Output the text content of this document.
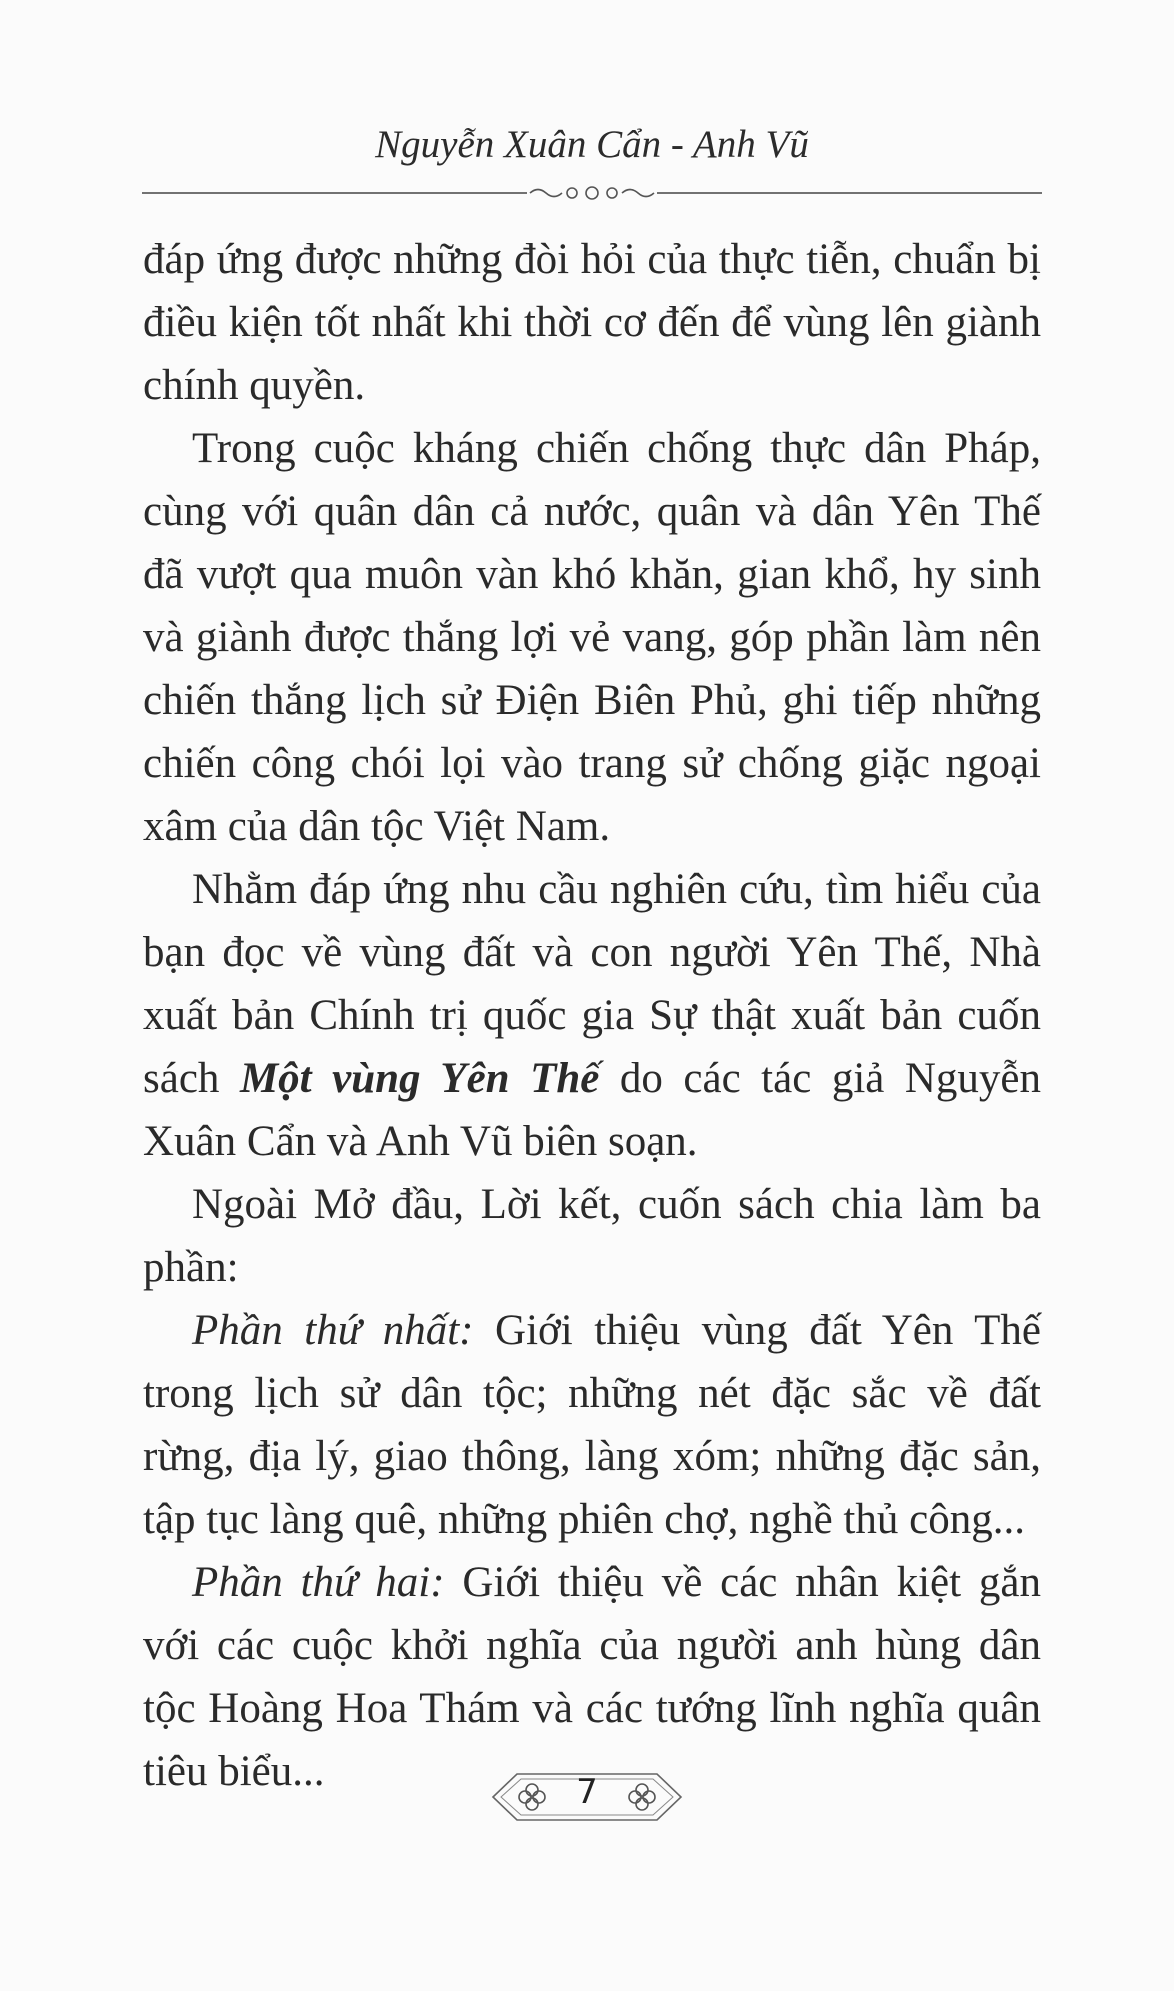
Nguyễn Xuân Cẩn - Anh Vũ

đáp ứng được những đòi hỏi của thực tiễn, chuẩn bị điều kiện tốt nhất khi thời cơ đến để vùng lên giành chính quyền.

Trong cuộc kháng chiến chống thực dân Pháp, cùng với quân dân cả nước, quân và dân Yên Thế đã vượt qua muôn vàn khó khăn, gian khổ, hy sinh và giành được thắng lợi vẻ vang, góp phần làm nên chiến thắng lịch sử Điện Biên Phủ, ghi tiếp những chiến công chói lọi vào trang sử chống giặc ngoại xâm của dân tộc Việt Nam.

Nhằm đáp ứng nhu cầu nghiên cứu, tìm hiểu của bạn đọc về vùng đất và con người Yên Thế, Nhà xuất bản Chính trị quốc gia Sự thật xuất bản cuốn sách Một vùng Yên Thế do các tác giả Nguyễn Xuân Cẩn và Anh Vũ biên soạn.

Ngoài Mở đầu, Lời kết, cuốn sách chia làm ba phần:

Phần thứ nhất: Giới thiệu vùng đất Yên Thế trong lịch sử dân tộc; những nét đặc sắc về đất rừng, địa lý, giao thông, làng xóm; những đặc sản, tập tục làng quê, những phiên chợ, nghề thủ công...

Phần thứ hai: Giới thiệu về các nhân kiệt gắn với các cuộc khởi nghĩa của người anh hùng dân tộc Hoàng Hoa Thám và các tướng lĩnh nghĩa quân tiêu biểu...	7
